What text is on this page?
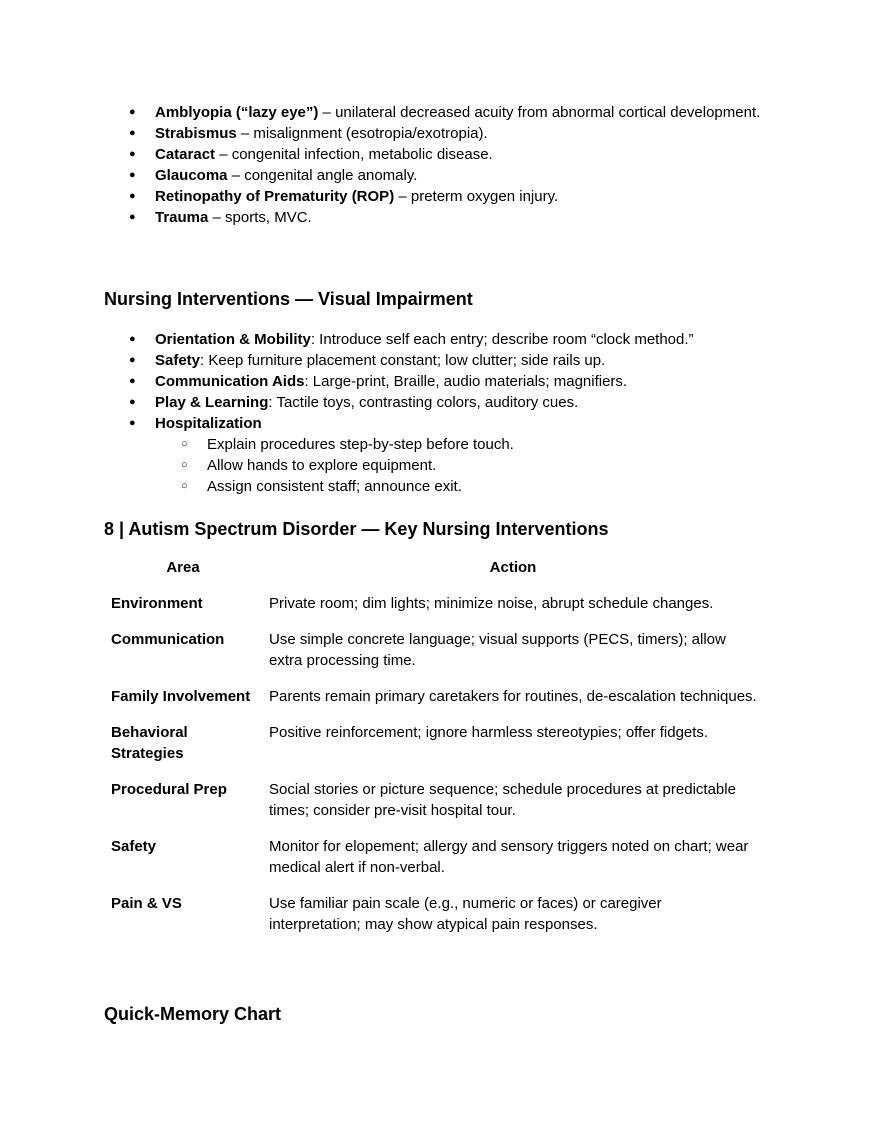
● Amblyopia (“lazy eye”) – unilateral decreased acuity from abnormal cortical development.
● Strabismus – misalignment (esotropia/exotropia).
● Cataract – congenital infection, metabolic disease.
● Glaucoma – congenital angle anomaly.
● Retinopathy of Prematurity (ROP) – preterm oxygen injury.
● Trauma – sports, MVC.
Nursing Interventions — Visual Impairment
● Orientation & Mobility: Introduce self each entry; describe room “clock method.”
● Safety: Keep furniture placement constant; low clutter; side rails up.
● Communication Aids: Large-print, Braille, audio materials; magnifiers.
● Play & Learning: Tactile toys, contrasting colors, auditory cues.
● Hospitalization
○ Explain procedures step-by-step before touch.
○ Allow hands to explore equipment.
○ Assign consistent staff; announce exit.
8 | Autism Spectrum Disorder — Key Nursing Interventions
Area	Action
Environment	Private room; dim lights; minimize noise, abrupt schedule changes.
Communication	Use simple concrete language; visual supports (PECS, timers); allow extra processing time.
Family Involvement	Parents remain primary caretakers for routines, de-escalation techniques.
Behavioral Strategies	Positive reinforcement; ignore harmless stereotypies; offer fidgets.
Procedural Prep	Social stories or picture sequence; schedule procedures at predictable times; consider pre-visit hospital tour.
Safety	Monitor for elopement; allergy and sensory triggers noted on chart; wear medical alert if non-verbal.
Pain & VS	Use familiar pain scale (e.g., numeric or faces) or caregiver interpretation; may show atypical pain responses.
Quick-Memory Chart
